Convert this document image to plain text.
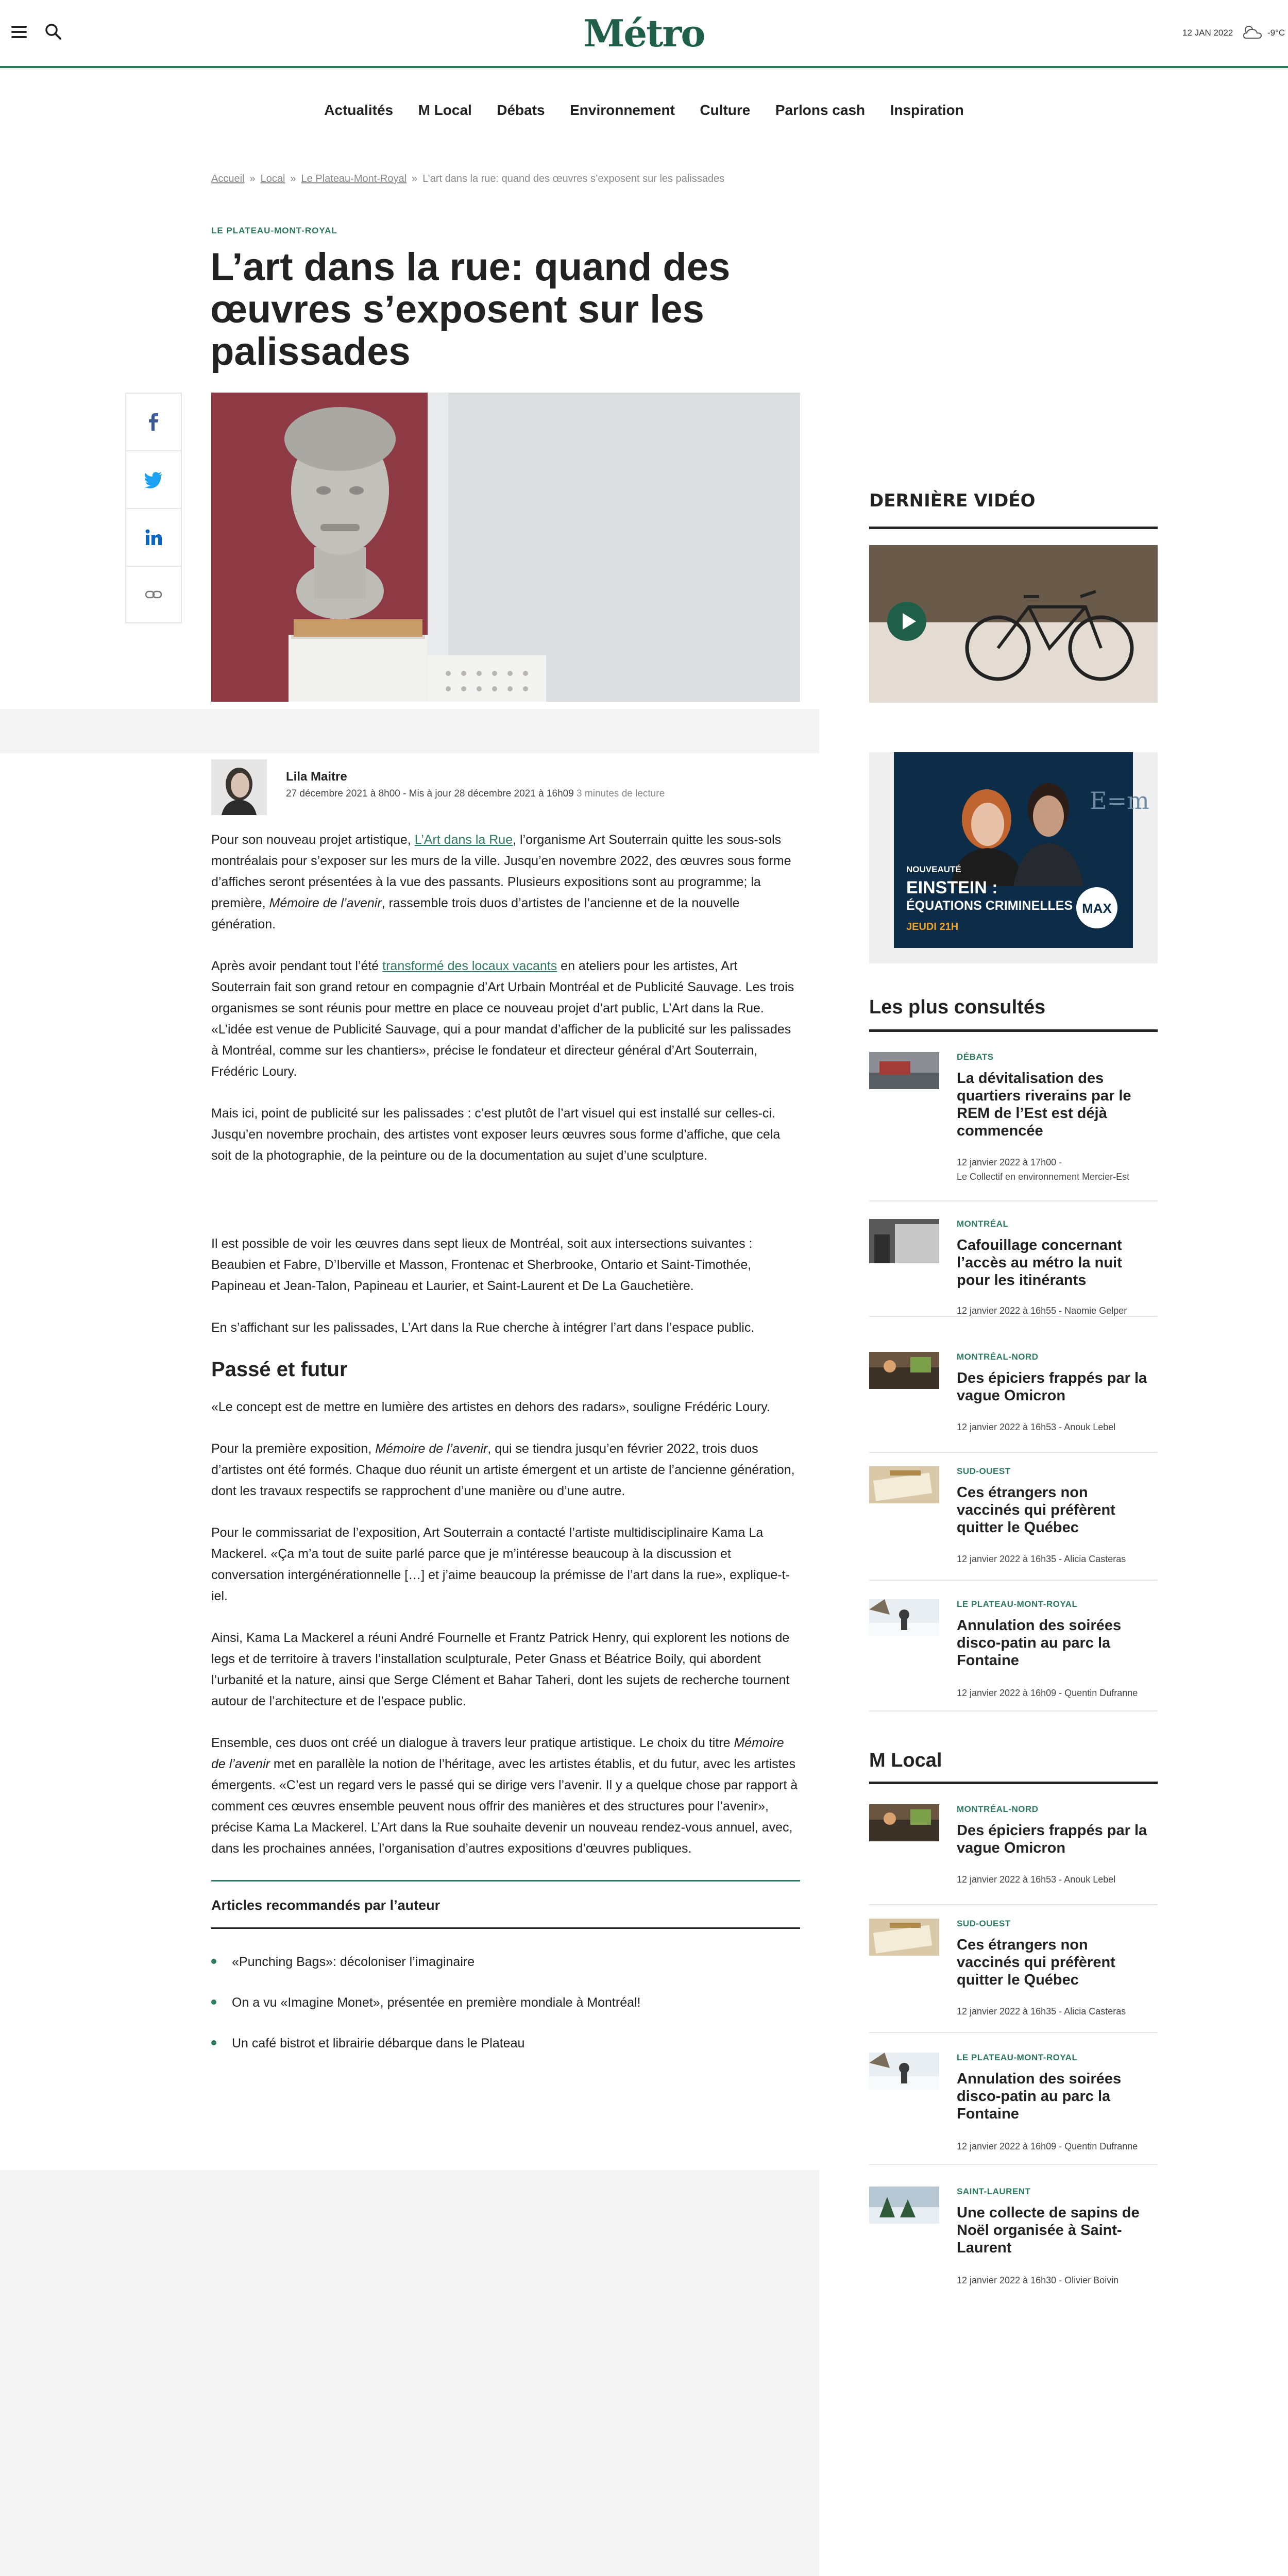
Métro	12 JAN 2022	-9°C
Actualités M Local Débats Environnement Culture Parlons cash Inspiration
Accueil » Local » Le Plateau-Mont-Royal » L’art dans la rue: quand des œuvres s’exposent sur les palissades
LE PLATEAU-MONT-ROYAL
L’art dans la rue: quand des œuvres s’exposent sur les palissades
Lila Maitre
27 décembre 2021 à 8h00 - Mis à jour 28 décembre 2021 à 16h09 3 minutes de lecture

Pour son nouveau projet artistique, L’Art dans la Rue, l’organisme Art Souterrain quitte les sous-sols montréalais pour s’exposer sur les murs de la ville. Jusqu’en novembre 2022, des œuvres sous forme d’affiches seront présentées à la vue des passants. Plusieurs expositions sont au programme; la première, Mémoire de l’avenir, rassemble trois duos d’artistes de l’ancienne et de la nouvelle génération.

Après avoir pendant tout l’été transformé des locaux vacants en ateliers pour les artistes, Art Souterrain fait son grand retour en compagnie d’Art Urbain Montréal et de Publicité Sauvage. Les trois organismes se sont réunis pour mettre en place ce nouveau projet d’art public, L’Art dans la Rue. «L’idée est venue de Publicité Sauvage, qui a pour mandat d’afficher de la publicité sur les palissades à Montréal, comme sur les chantiers», précise le fondateur et directeur général d’Art Souterrain, Frédéric Loury.

Mais ici, point de publicité sur les palissades : c’est plutôt de l’art visuel qui est installé sur celles-ci. Jusqu’en novembre prochain, des artistes vont exposer leurs œuvres sous forme d’affiche, que cela soit de la photographie, de la peinture ou de la documentation au sujet d’une sculpture.

Il est possible de voir les œuvres dans sept lieux de Montréal, soit aux intersections suivantes : Beaubien et Fabre, D’Iberville et Masson, Frontenac et Sherbrooke, Ontario et Saint-Timothée, Papineau et Jean-Talon, Papineau et Laurier, et Saint-Laurent et De La Gauchetière.

En s’affichant sur les palissades, L’Art dans la Rue cherche à intégrer l’art dans l’espace public.

Passé et futur

«Le concept est de mettre en lumière des artistes en dehors des radars», souligne Frédéric Loury.

Pour la première exposition, Mémoire de l’avenir, qui se tiendra jusqu’en février 2022, trois duos d’artistes ont été formés. Chaque duo réunit un artiste émergent et un artiste de l’ancienne génération, dont les travaux respectifs se rapprochent d’une manière ou d’une autre.

Pour le commissariat de l’exposition, Art Souterrain a contacté l’artiste multidisciplinaire Kama La Mackerel. «Ça m’a tout de suite parlé parce que je m’intéresse beaucoup à la discussion et conversation intergénérationnelle […] et j’aime beaucoup la prémisse de l’art dans la rue», explique-t-iel.

Ainsi, Kama La Mackerel a réuni André Fournelle et Frantz Patrick Henry, qui explorent les notions de legs et de territoire à travers l’installation sculpturale, Peter Gnass et Béatrice Boily, qui abordent l’urbanité et la nature, ainsi que Serge Clément et Bahar Taheri, dont les sujets de recherche tournent autour de l’architecture et de l’espace public.

Ensemble, ces duos ont créé un dialogue à travers leur pratique artistique. Le choix du titre Mémoire de l’avenir met en parallèle la notion de l’héritage, avec les artistes établis, et du futur, avec les artistes émergents. «C’est un regard vers le passé qui se dirige vers l’avenir. Il y a quelque chose par rapport à comment ces œuvres ensemble peuvent nous offrir des manières et des structures pour l’avenir», précise Kama La Mackerel. L’Art dans la Rue souhaite devenir un nouveau rendez-vous annuel, avec, dans les prochaines années, l’organisation d’autres expositions d’œuvres publiques.

Articles recommandés par l’auteur
«Punching Bags»: décoloniser l’imaginaire
On a vu «Imagine Monet», présentée en première mondiale à Montréal!
Un café bistrot et librairie débarque dans le Plateau
DERNIÈRE VIDÉO
E=m
NOUVEAUTÉ
EINSTEIN :
ÉQUATIONS CRIMINELLES
JEUDI 21H
MAX
Les plus consultés
DÉBATS
La dévitalisation des quartiers riverains par le REM de l’Est est déjà commencée
12 janvier 2022 à 17h00 -
Le Collectif en environnement Mercier-Est
MONTRÉAL
Cafouillage concernant l’accès au métro la nuit pour les itinérants
12 janvier 2022 à 16h55 - Naomie Gelper
MONTRÉAL-NORD
Des épiciers frappés par la vague Omicron
12 janvier 2022 à 16h53 - Anouk Lebel
SUD-OUEST
Ces étrangers non vaccinés qui préfèrent quitter le Québec
12 janvier 2022 à 16h35 - Alicia Casteras
LE PLATEAU-MONT-ROYAL
Annulation des soirées disco-patin au parc la Fontaine
12 janvier 2022 à 16h09 - Quentin Dufranne
M Local
MONTRÉAL-NORD
Des épiciers frappés par la vague Omicron
12 janvier 2022 à 16h53 - Anouk Lebel
SUD-OUEST
Ces étrangers non vaccinés qui préfèrent quitter le Québec
12 janvier 2022 à 16h35 - Alicia Casteras
LE PLATEAU-MONT-ROYAL
Annulation des soirées disco-patin au parc la Fontaine
12 janvier 2022 à 16h09 - Quentin Dufranne
SAINT-LAURENT
Une collecte de sapins de Noël organisée à Saint-Laurent
12 janvier 2022 à 16h30 - Olivier Boivin
